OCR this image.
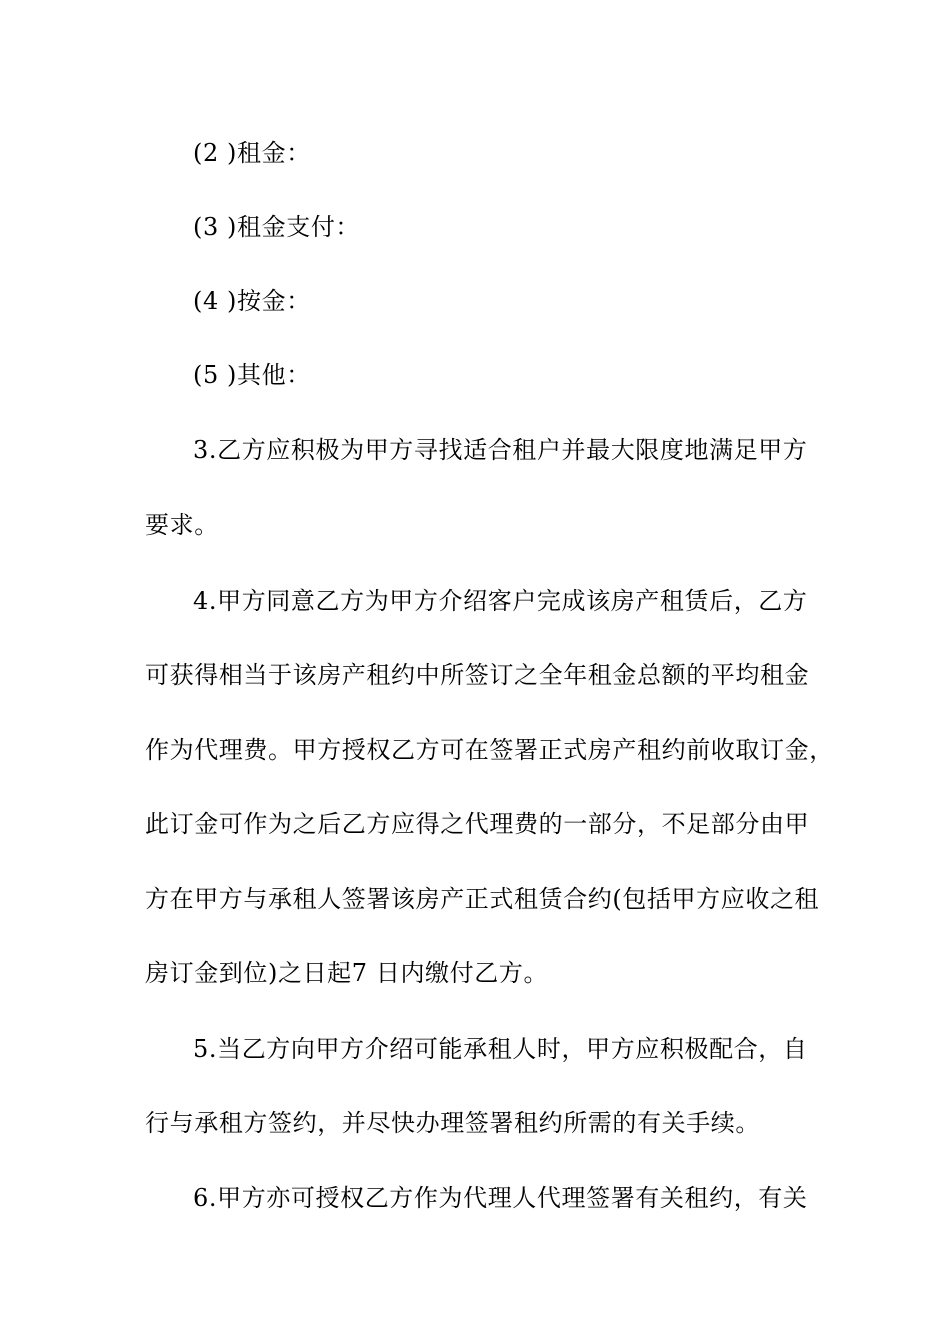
(2 )租金：
(3 )租金支付：
(4 )按金：
(5 )其他：
3.乙方应积极为甲方寻找适合租户并最大限度地满足甲方
要求。
4.甲方同意乙方为甲方介绍客户完成该房产租赁后，乙方
可获得相当于该房产租约中所签订之全年租金总额的平均租金
作为代理费。甲方授权乙方可在签署正式房产租约前收取订金，
此订金可作为之后乙方应得之代理费的一部分，不足部分由甲
方在甲方与承租人签署该房产正式租赁合约(包括甲方应收之租
房订金到位)之日起7 日内缴付乙方。
5.当乙方向甲方介绍可能承租人时，甲方应积极配合，自
行与承租方签约，并尽快办理签署租约所需的有关手续。
6.甲方亦可授权乙方作为代理人代理签署有关租约，有关
